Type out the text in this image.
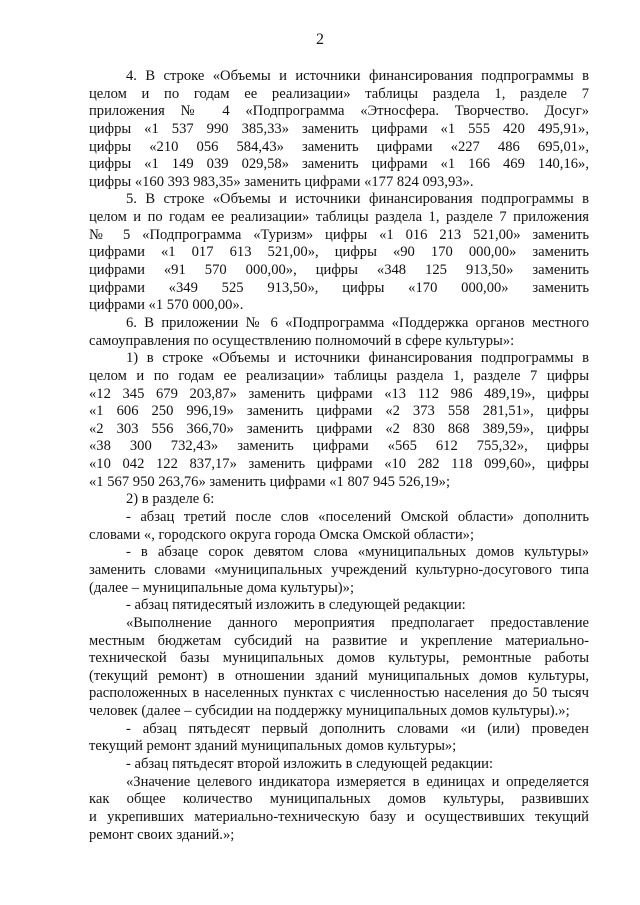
2
4. В строке «Объемы и источники финансирования подпрограммы в
целом и по годам ее реализации» таблицы раздела 1, разделе 7
приложения № 4 «Подпрограмма «Этносфера. Творчество. Досуг»
цифры «1 537 990 385,33» заменить цифрами «1 555 420 495,91»,
цифры «210 056 584,43» заменить цифрами «227 486 695,01»,
цифры «1 149 039 029,58» заменить цифрами «1 166 469 140,16»,
цифры «160 393 983,35» заменить цифрами «177 824 093,93».
5. В строке «Объемы и источники финансирования подпрограммы в
целом и по годам ее реализации» таблицы раздела 1, разделе 7 приложения
№ 5 «Подпрограмма «Туризм» цифры «1 016 213 521,00» заменить
цифрами «1 017 613 521,00», цифры «90 170 000,00» заменить
цифрами «91 570 000,00», цифры «348 125 913,50» заменить
цифрами «349 525 913,50», цифры «170 000,00» заменить
цифрами «1 570 000,00».
6. В приложении № 6 «Подпрограмма «Поддержка органов местного
самоуправления по осуществлению полномочий в сфере культуры»:
1) в строке «Объемы и источники финансирования подпрограммы в
целом и по годам ее реализации» таблицы раздела 1, разделе 7 цифры
«12 345 679 203,87» заменить цифрами «13 112 986 489,19», цифры
«1 606 250 996,19» заменить цифрами «2 373 558 281,51», цифры
«2 303 556 366,70» заменить цифрами «2 830 868 389,59», цифры
«38 300 732,43» заменить цифрами «565 612 755,32», цифры
«10 042 122 837,17» заменить цифрами «10 282 118 099,60», цифры
«1 567 950 263,76» заменить цифрами «1 807 945 526,19»;
2) в разделе 6:
- абзац третий после слов «поселений Омской области» дополнить
словами «, городского округа города Омска Омской области»;
- в абзаце сорок девятом слова «муниципальных домов культуры»
заменить словами «муниципальных учреждений культурно-досугового типа
(далее – муниципальные дома культуры)»;
- абзац пятидесятый изложить в следующей редакции:
«Выполнение данного мероприятия предполагает предоставление
местным бюджетам субсидий на развитие и укрепление материально-
технической базы муниципальных домов культуры, ремонтные работы
(текущий ремонт) в отношении зданий муниципальных домов культуры,
расположенных в населенных пунктах с численностью населения до 50 тысяч
человек (далее – субсидии на поддержку муниципальных домов культуры).»;
- абзац пятьдесят первый дополнить словами «и (или) проведен
текущий ремонт зданий муниципальных домов культуры»;
- абзац пятьдесят второй изложить в следующей редакции:
«Значение целевого индикатора измеряется в единицах и определяется
как общее количество муниципальных домов культуры, развивших
и укрепивших материально-техническую базу и осуществивших текущий
ремонт своих зданий.»;
